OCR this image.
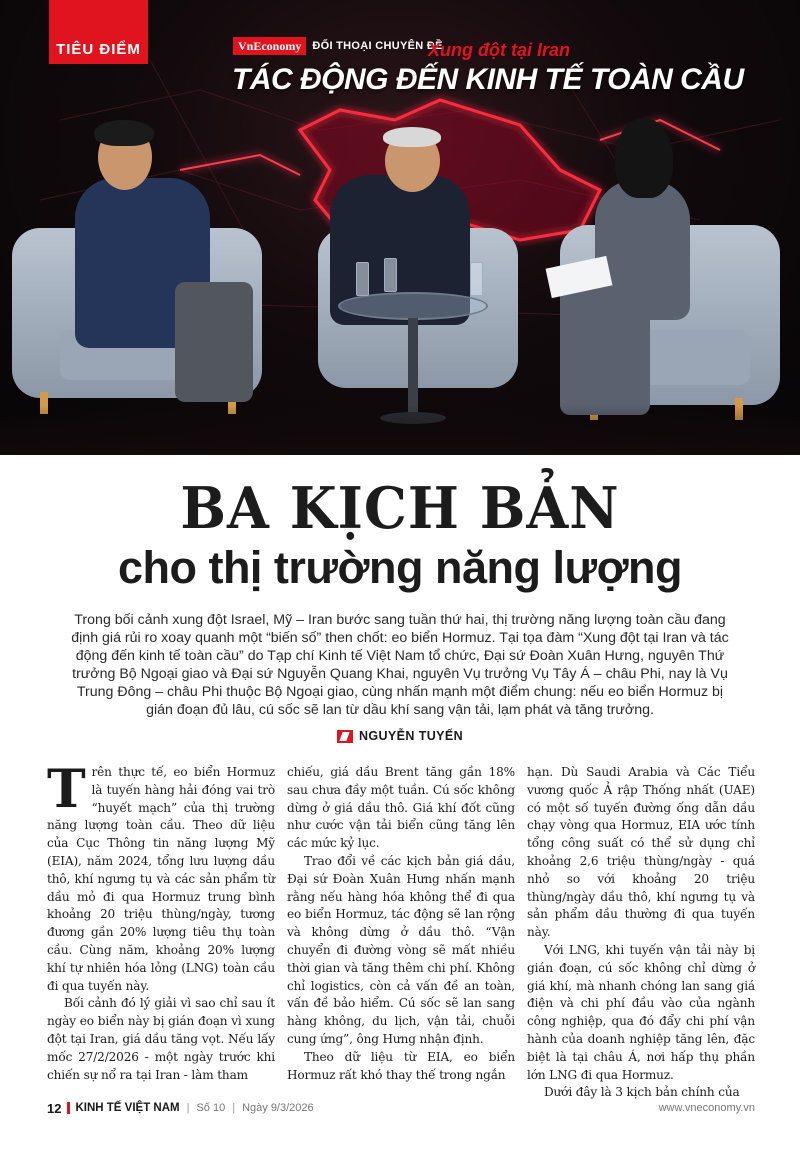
TIÊU ĐIỂM	VnEconomy	ĐỐI THOẠI CHUYÊN ĐỀ
Xung đột tại Iran
TÁC ĐỘNG ĐẾN KINH TẾ TOÀN CẦU
BA KỊCH BẢN
cho thị trường năng lượng

Trong bối cảnh xung đột Israel, Mỹ – Iran bước sang tuần thứ hai, thị trường năng lượng toàn cầu đang định giá rủi ro xoay quanh một “biến số” then chốt: eo biển Hormuz. Tại tọa đàm “Xung đột tại Iran và tác động đến kinh tế toàn cầu” do Tạp chí Kinh tế Việt Nam tổ chức, Đại sứ Đoàn Xuân Hưng, nguyên Thứ trưởng Bộ Ngoại giao và Đại sứ Nguyễn Quang Khai, nguyên Vụ trưởng Vụ Tây Á – châu Phi, nay là Vụ Trung Đông – châu Phi thuộc Bộ Ngoại giao, cùng nhấn mạnh một điểm chung: nếu eo biển Hormuz bị gián đoạn đủ lâu, cú sốc sẽ lan từ dầu khí sang vận tải, lạm phát và tăng trưởng.

NGUYỄN TUYẾN

Trên thực tế, eo biển Hormuz là tuyến hàng hải đóng vai trò “huyết mạch” của thị trường năng lượng toàn cầu. Theo dữ liệu của Cục Thông tin năng lượng Mỹ (EIA), năm 2024, tổng lưu lượng dầu thô, khí ngưng tụ và các sản phẩm từ dầu mỏ đi qua Hormuz trung bình khoảng 20 triệu thùng/ngày, tương đương gần 20% lượng tiêu thụ toàn cầu. Cùng năm, khoảng 20% lượng khí tự nhiên hóa lỏng (LNG) toàn cầu đi qua tuyến này.

Bối cảnh đó lý giải vì sao chỉ sau ít ngày eo biển này bị gián đoạn vì xung đột tại Iran, giá dầu tăng vọt. Nếu lấy mốc 27/2/2026 - một ngày trước khi chiến sự nổ ra tại Iran - làm tham

chiếu, giá dầu Brent tăng gần 18% sau chưa đầy một tuần. Cú sốc không dừng ở giá dầu thô. Giá khí đốt cũng như cước vận tải biển cũng tăng lên các mức kỷ lục.

Trao đổi về các kịch bản giá dầu, Đại sứ Đoàn Xuân Hưng nhấn mạnh rằng nếu hàng hóa không thể đi qua eo biển Hormuz, tác động sẽ lan rộng và không dừng ở dầu thô. “Vận chuyển đi đường vòng sẽ mất nhiều thời gian và tăng thêm chi phí. Không chỉ logistics, còn cả vấn đề an toàn, vấn đề bảo hiểm. Cú sốc sẽ lan sang hàng không, du lịch, vận tải, chuỗi cung ứng”, ông Hưng nhận định.

Theo dữ liệu từ EIA, eo biển Hormuz rất khó thay thế trong ngắn

hạn. Dù Saudi Arabia và Các Tiểu vương quốc Ả rập Thống nhất (UAE) có một số tuyến đường ống dẫn dầu chạy vòng qua Hormuz, EIA ước tính tổng công suất có thể sử dụng chỉ khoảng 2,6 triệu thùng/ngày - quá nhỏ so với khoảng 20 triệu thùng/ngày dầu thô, khí ngưng tụ và sản phẩm dầu thường đi qua tuyến này.

Với LNG, khi tuyến vận tải này bị gián đoạn, cú sốc không chỉ dừng ở giá khí, mà nhanh chóng lan sang giá điện và chi phí đầu vào của ngành công nghiệp, qua đó đẩy chi phí vận hành của doanh nghiệp tăng lên, đặc biệt là tại châu Á, nơi hấp thụ phần lớn LNG đi qua Hormuz.

Dưới đây là 3 kịch bản chính của

12 KINH TẾ VIỆT NAM | Số 10 | Ngày 9/3/2026	www.vneconomy.vn
